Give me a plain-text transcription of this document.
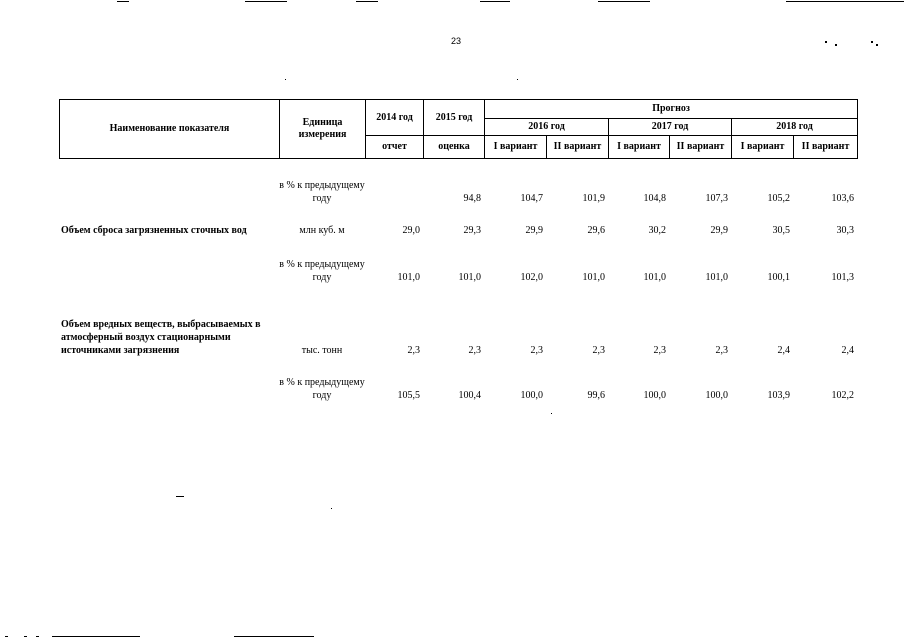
23
Наименование показателя	Единица измерения	2014 год	2015 год	Прогноз					
				2016 год		2017 год		2018 год	
		отчет	оценка	I вариант	II вариант	I вариант	II вариант	I вариант	II вариант
	в % к предыдущему году		94,8	104,7	101,9	104,8	107,3	105,2	103,6
Объем сброса загрязненных сточных вод	млн куб. м	29,0	29,3	29,9	29,6	30,2	29,9	30,5	30,3
	в % к предыдущему году	101,0	101,0	102,0	101,0	101,0	101,0	100,1	101,3
Объем вредных веществ, выбрасываемых в атмосферный воздух стационарными источниками загрязнения	тыс. тонн	2,3	2,3	2,3	2,3	2,3	2,3	2,4	2,4
	в % к предыдущему году	105,5	100,4	100,0	99,6	100,0	100,0	103,9	102,2
